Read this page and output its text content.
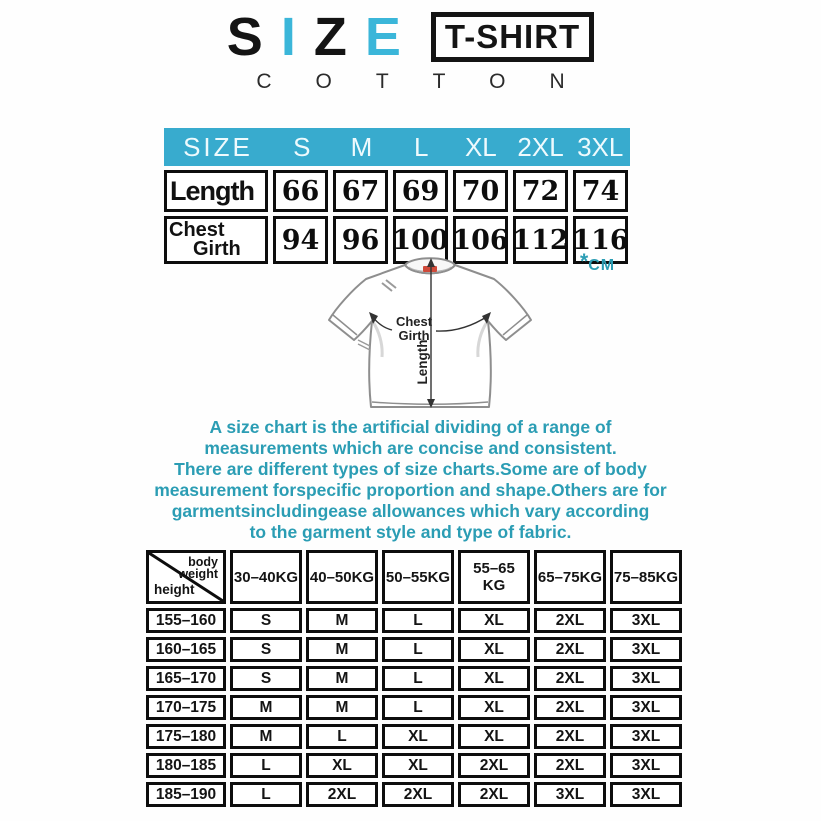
S I Z E	T-SHIRT
COTTON
SIZE	S	M	L	XL 2XL 3XL
Length	66 67 69 70 72 74
Chest
Girth	94 96 100 106 112 116
*CM
Chest
Girth
Length
A size chart is the artificial dividing of a range of
measurements which are concise and consistent.
There are different types of size charts.Some are of body
measurement forspecific proportion and shape.Others are for
garmentsincludingease allowances which vary according
to the garment style and type of fabric.
body
weight
height	30–40KG	40–50KG	50–55KG	55–65 KG	65–75KG	75–85KG
155–160	S	M	L	XL	2XL	3XL
160–165	S	M	L	XL	2XL	3XL
165–170	S	M	L	XL	2XL	3XL
170–175	M	M	L	XL	2XL	3XL
175–180	M	L	XL	XL	2XL	3XL
180–185	L	XL	XL	2XL	2XL	3XL
185–190	L	2XL	2XL	2XL	3XL	3XL
